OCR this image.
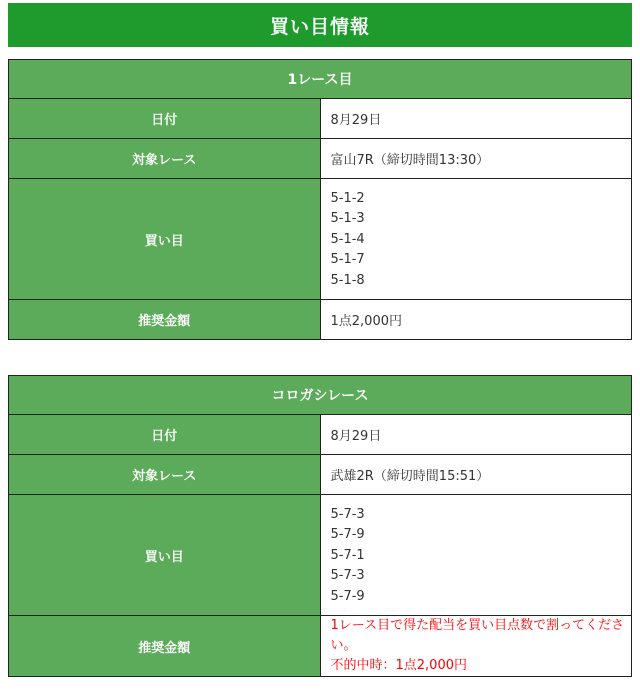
買い目情報
1レース目	
日付	8月29日
対象レース	富山7R（締切時間13:30）
買い目	5-1-2
5-1-3
5-1-4
5-1-7
5-1-8

推奨金額	1点2,000円
コロガシレース	
日付	8月29日
対象レース	武雄2R（締切時間15:51）
買い目	5-7-3
5-7-9
5-7-1
5-7-3
5-7-9

推奨金額	1レース目で得た配当を買い目点数で割ってください。
不的中時：1点2,000円
